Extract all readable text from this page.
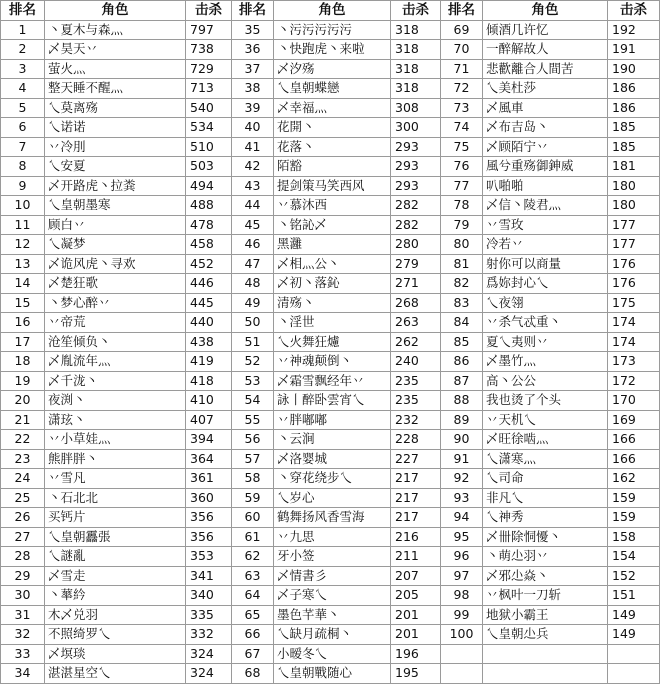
排名	角色	击杀	排名	角色	击杀	排名	角色	击杀
1	丶夏木与森灬	797	35	丶污污污污污	318	69	倾酒几许忆	192
2	乄昊天丷	738	36	丶快跑虎丶来啦	318	70	一醉解故人	191
3	萤火灬	729	37	乄汐殇	318	71	悲歡離合人間苦	190
4	整天睡不醒灬	713	38	乀皇朝蝶戀	318	72	乀美杜莎	186
5	乀莫离殇	540	39	乄幸福灬	308	73	乄風車	186
6	乀诺诺	534	40	花開丶	300	74	乄布吉岛丶	185
7	丷冷刖	510	41	花落丶	293	75	乄顾陌宁丷	185
8	乀安夏	503	42	陌豁	293	76	風兮重殇御鉮威	181
9	乄开路虎丶拉粪	494	43	提剑策马笑西风	293	77	叭啪啪	180
10	乀皇朝墨寒	488	44	丷慕沐西	282	78	乄信丶陵君灬	180
11	顾白丷	478	45	丶铭訫乄	282	79	丷雪玫	177
12	乀凝梦	458	46	黑灉	280	80	冷若丷	177
13	乄诡风虎丶寻欢	452	47	乄相灬公丶	279	81	射你可以商量	176
14	乄楚狂歌	446	48	乄初丶落鈊	271	82	爲妳封心乀	176
15	丶梦心醉丷	445	49	清殇丶	268	83	乀夜翎	175
16	丷帝荒	440	50	丶淫世	263	84	丷杀气忒重丶	174
17	沧笙倾负丶	438	51	乀火舞狂爈	262	85	夏乀夷则丷	174
18	乄胤流年灬	419	52	丷神魂颠倒丶	240	86	乄墨竹灬	173
19	乄千泷丶	418	53	乄霜雪飘经年丷	235	87	高丶公公	172
20	夜渕丶	410	54	詠丨醉卧雲宵乀	235	88	我也烫了个头	170
21	潇玹丶	407	55	丷胖嘟嘟	232	89	丷天机乀	169
22	丷小草娃灬	394	56	丶云涧	228	90	乄旺徐啮灬	166
23	熊胖胖丶	364	57	乄洛婴城	227	91	乀潇寒灬	166
24	丷雪凡	361	58	丶穿花绕步乀	217	92	乀司命	162
25	丶石北北	360	59	乀岁心	217	93	非凡乀	159
26	买钙片	356	60	鹤舞扬风香雪海	217	94	乀神秀	159
27	乀皇朝靐張	356	61	丷九思	216	95	乄卌除恫懮丶	158
28	乀謎亂	353	62	牙小签	211	96	丶萌尐羽丷	154
29	乄雪走	341	63	乄情書彡	207	97	乄邪尐焱丶	152
30	丶蕐紟	340	64	乄子寒乀	205	98	丷枫叶一刀斩	151
31	木乄兑羽	335	65	墨色芊華丶	201	99	地狱小霸王	149
32	不照绮罗乀	332	66	乀缺月疏桐丶	201	100	乀皇朝尐兵	149
33	乄塓琰	324	67	小暧冬乀	196			
34	湛湛星空乀	324	68	乀皇朝戰随心	195			
